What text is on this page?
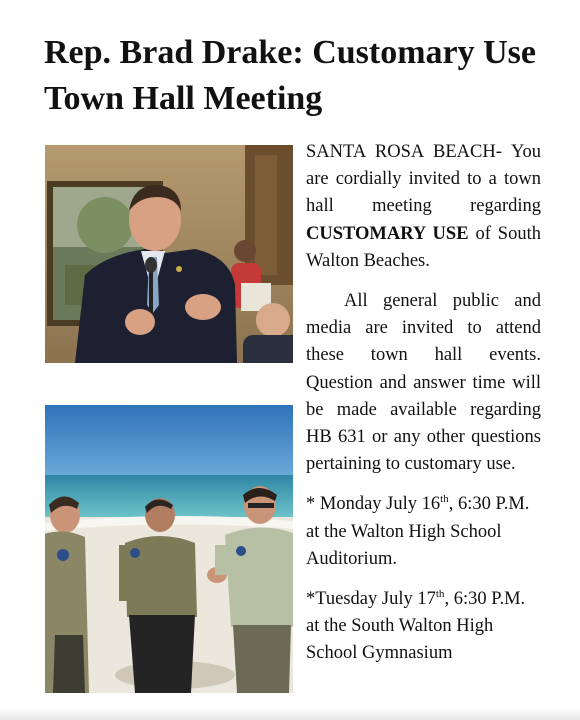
Rep. Brad Drake: Customary Use Town Hall Meeting

SANTA ROSA BEACH- You are cordially invited to a town hall meeting regarding CUSTOMARY USE of South Walton Beaches.

All general public and media are invited to attend these town hall events. Question and answer time will be made available regarding HB 631 or any other questions pertaining to customary use.

* Monday July 16th, 6:30 P.M. at the Walton High School Auditorium.

*Tuesday July 17th, 6:30 P.M. at the South Walton High School Gymnasium
